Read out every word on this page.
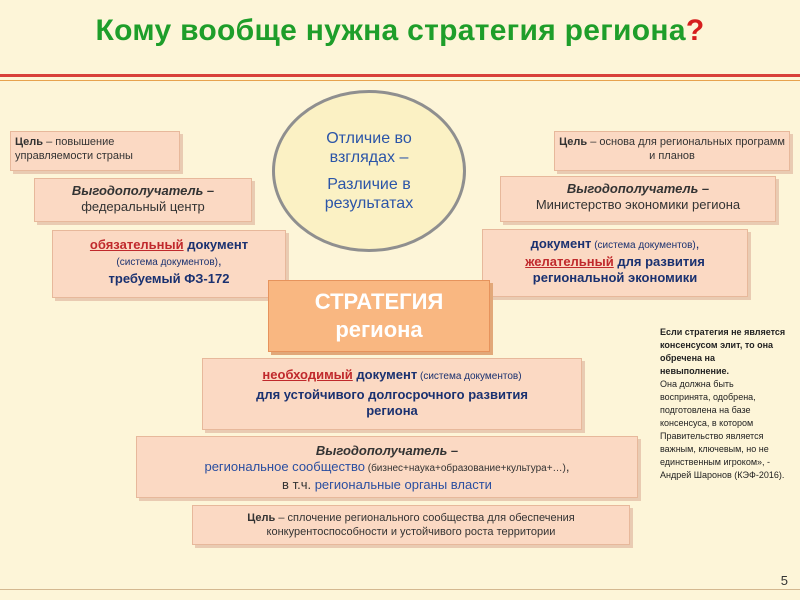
Кому вообще нужна стратегия региона?
Цель – повышение управляемости страны
Выгодополучатель –
федеральный центр
обязательный документ
(система документов),
требуемый ФЗ-172
Отличие во
взглядах –
Различие в
результатах
Цель – основа для региональных программ и планов
Выгодополучатель –
Министерство экономики региона
документ (система документов),
желательный для развития региональной экономики
СТРАТЕГИЯ
региона
необходимый документ (система документов)
для устойчивого долгосрочного развития региона
Выгодополучатель –
региональное сообщество (бизнес+наука+образование+культура+…),
в т.ч. региональные органы власти
Цель – сплочение регионального сообщества для обеспечения конкурентоспособности и устойчивого роста территории
Если стратегия не является консенсусом элит, то она обречена на невыполнение.
Она должна быть воспринята, одобрена, подготовлена на базе консенсуса, в котором Правительство является важным, ключевым, но не единственным игроком», - Андрей Шаронов (КЭФ-2016).
5
